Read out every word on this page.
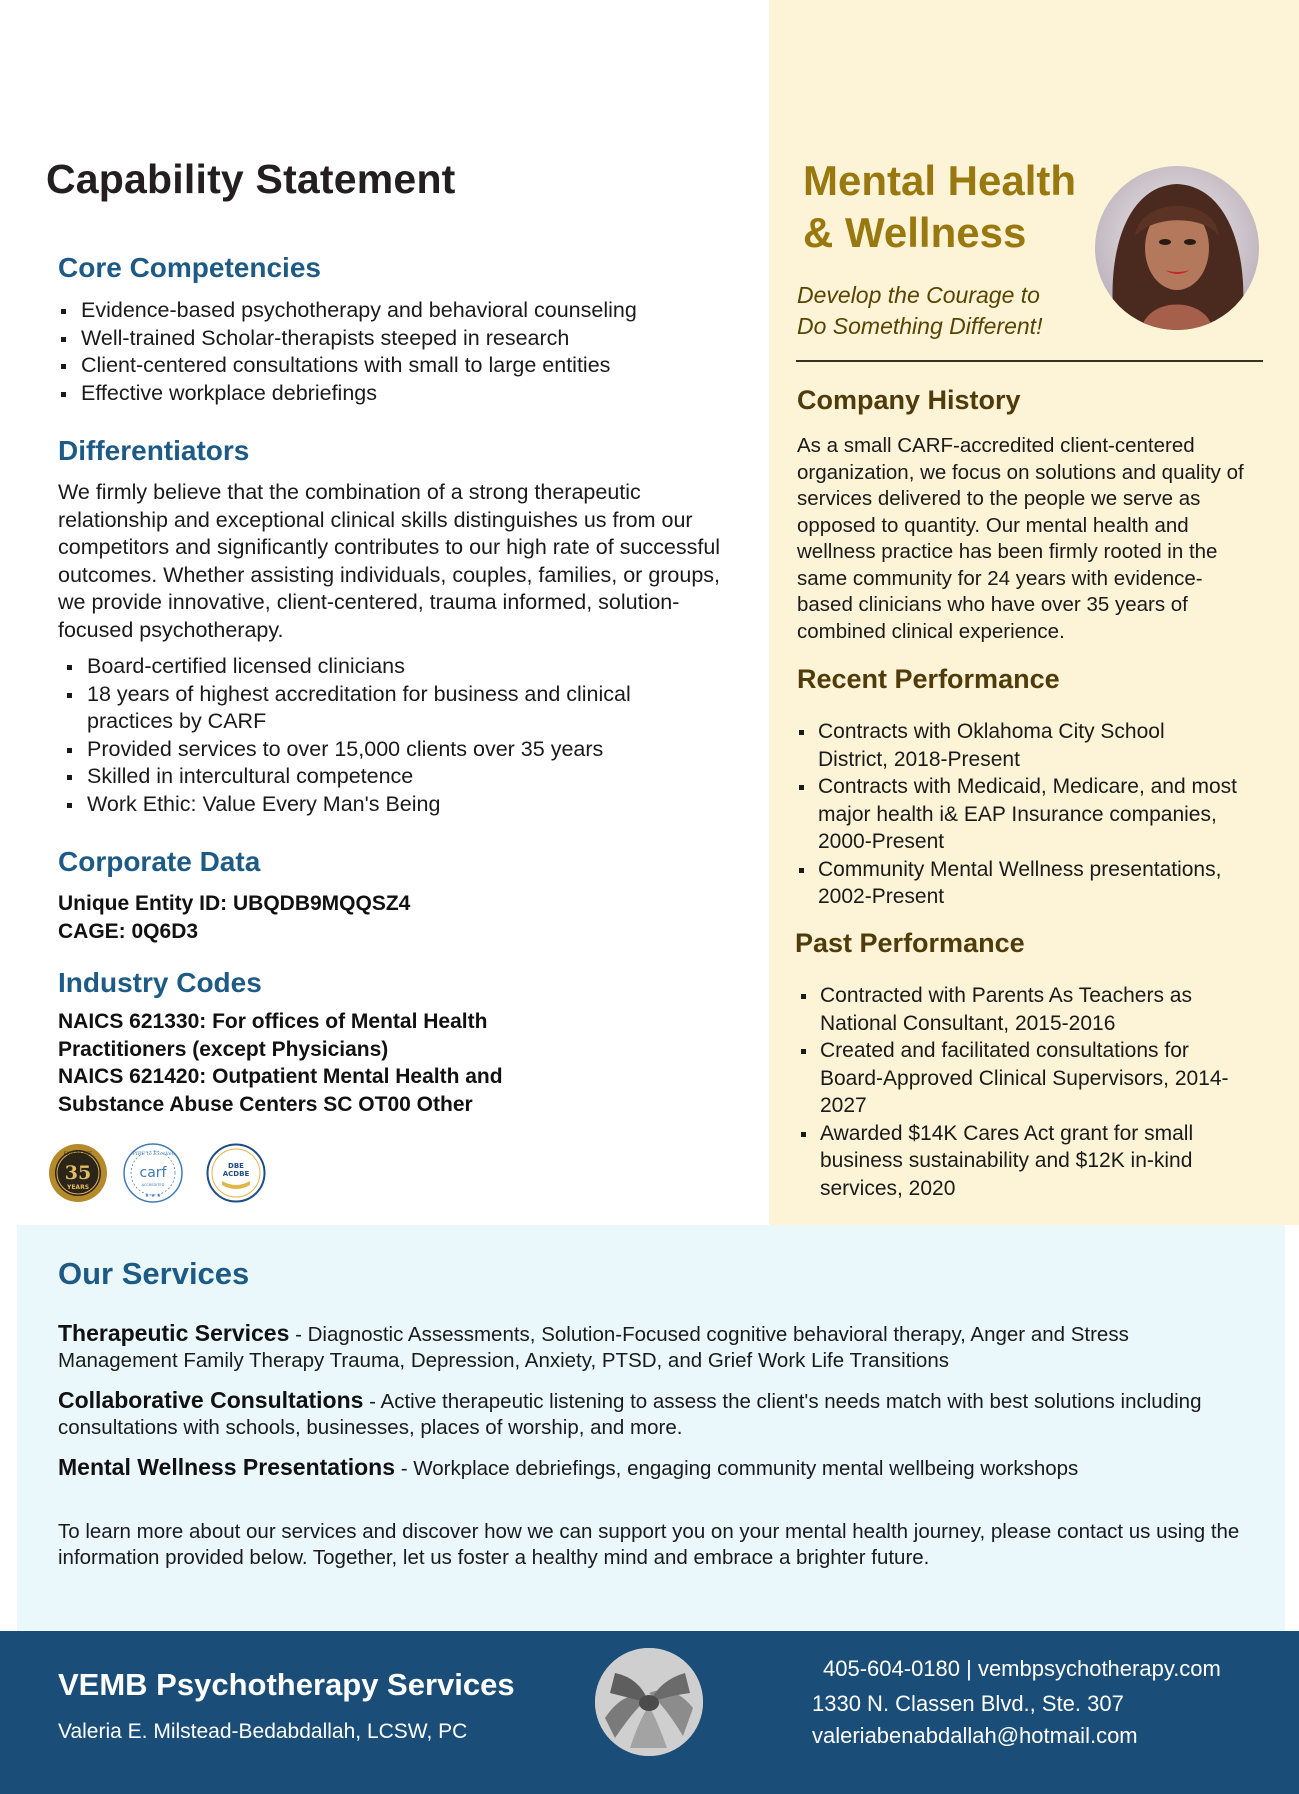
Capability Statement
Core Competencies
Evidence-based psychotherapy and behavioral counseling
Well-trained Scholar-therapists steeped in research
Client-centered consultations with small to large entities
Effective workplace debriefings
Differentiators

We firmly believe that the combination of a strong therapeutic relationship and exceptional clinical skills distinguishes us from our competitors and significantly contributes to our high rate of successful outcomes. Whether assisting individuals, couples, families, or groups, we provide innovative, client-centered, trauma informed, solution-focused psychotherapy.

Board-certified licensed clinicians
18 years of highest accreditation for business and clinical practices by CARF
Provided services to over 15,000 clients over 35 years
Skilled in intercultural competence
Work Ethic: Value Every Man's Being
Corporate Data
Unique Entity ID: UBQDB9MQQSZ4
CAGE: 0Q6D3
Industry Codes
NAICS 621330: For offices of Mental Health
Practitioners (except Physicians)
NAICS 621420: Outpatient Mental Health and
Substance Abuse Centers SC OT00 Other
35
YEARS
EXPERIENCE	ASPIRE to Excellence
carf
ACCREDITED
★ ★ ★
DBE
ACDBE
Mental Health
& Wellness
Develop the Courage to
Do Something Different!
Company History

As a small CARF-accredited client-centered organization, we focus on solutions and quality of services delivered to the people we serve as opposed to quantity. Our mental health and wellness practice has been firmly rooted in the same community for 24 years with evidence-based clinicians who have over 35 years of combined clinical experience.

Recent Performance
Contracts with Oklahoma City School District, 2018-Present
Contracts with Medicaid, Medicare, and most major health i& EAP Insurance companies, 2000-Present
Community Mental Wellness presentations, 2002-Present
Past Performance
Contracted with Parents As Teachers as National Consultant, 2015-2016
Created and facilitated consultations for Board-Approved Clinical Supervisors, 2014-2027
Awarded $14K Cares Act grant for small business sustainability and $12K in-kind services, 2020
Our Services

Therapeutic Services - Diagnostic Assessments, Solution-Focused cognitive behavioral therapy, Anger and Stress Management Family Therapy Trauma, Depression, Anxiety, PTSD, and Grief Work Life Transitions

Collaborative Consultations - Active therapeutic listening to assess the client's needs match with best solutions including consultations with schools, businesses, places of worship, and more.

Mental Wellness Presentations - Workplace debriefings, engaging community mental wellbeing workshops

To learn more about our services and discover how we can support you on your mental health journey, please contact us using the information provided below. Together, let us foster a healthy mind and embrace a brighter future.

VEMB Psychotherapy Services
Valeria E. Milstead-Bedabdallah, LCSW, PC
405-604-0180 | vembpsychotherapy.com
1330 N. Classen Blvd., Ste. 307
valeriabenabdallah@hotmail.com
